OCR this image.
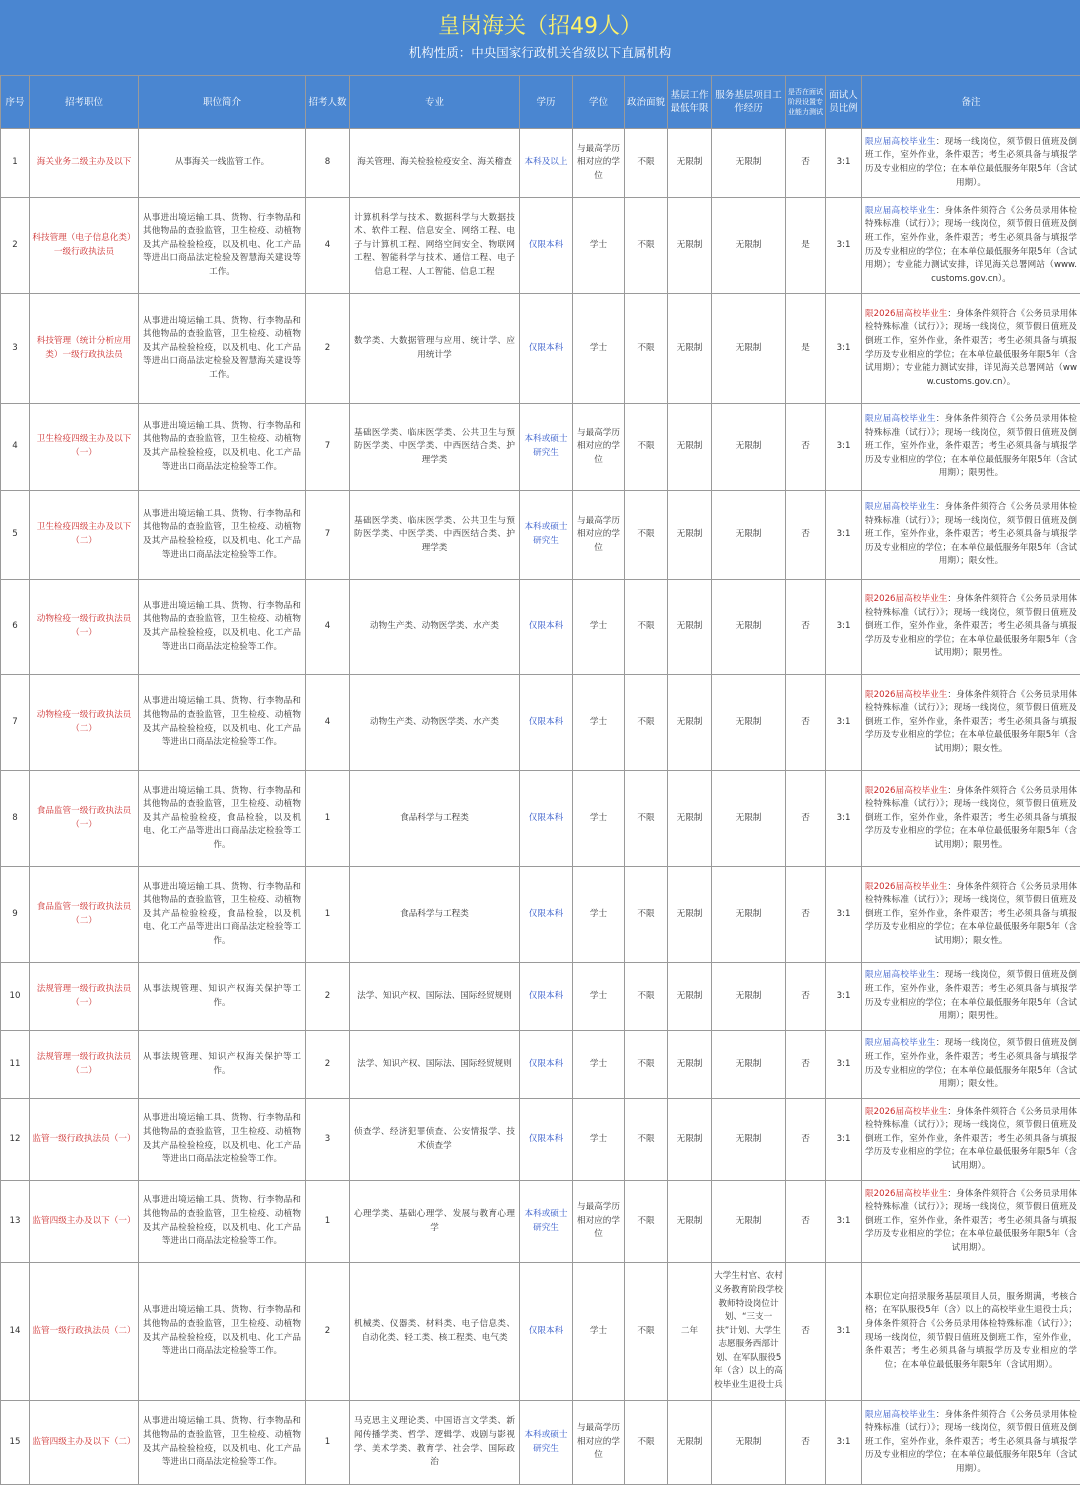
皇岗海关（招49人）
机构性质：中央国家行政机关省级以下直属机构
序号	招考职位	职位简介	招考人数	专业	学历	学位	政治面貌	基层工作最低年限	服务基层项目工作经历	是否在面试阶段设置专业能力测试	面试人员比例	备注
1	海关业务二级主办及以下	从事海关一线监管工作。	8	海关管理、海关检验检疫安全、海关稽查	本科及以上	与最高学历相对应的学位	不限	无限制	无限制	否	3:1	限应届高校毕业生：现场一线岗位，须节假日值班及倒班工作，室外作业，条件艰苦；考生必须具备与填报学历及专业相应的学位；在本单位最低服务年限5年（含试用期）。
2	科技管理（电子信息化类）一级行政执法员	从事进出境运输工具、货物、行李物品和其他物品的查验监管，卫生检疫、动植物及其产品检验检疫，以及机电、化工产品等进出口商品法定检验及智慧海关建设等工作。	4	计算机科学与技术、数据科学与大数据技术、软件工程、信息安全、网络工程、电子与计算机工程、网络空间安全、物联网工程、智能科学与技术、通信工程、电子信息工程、人工智能、信息工程	仅限本科	学士	不限	无限制	无限制	是	3:1	限应届高校毕业生：身体条件须符合《公务员录用体检特殊标准（试行）》；现场一线岗位，须节假日值班及倒班工作，室外作业，条件艰苦；考生必须具备与填报学历及专业相应的学位；在本单位最低服务年限5年（含试用期）；专业能力测试安排，详见海关总署网站（www.customs.gov.cn）。
3	科技管理（统计分析应用类）一级行政执法员	从事进出境运输工具、货物、行李物品和其他物品的查验监管，卫生检疫、动植物及其产品检验检疫，以及机电、化工产品等进出口商品法定检验及智慧海关建设等工作。	2	数学类、大数据管理与应用、统计学、应用统计学	仅限本科	学士	不限	无限制	无限制	是	3:1	限2026届高校毕业生：身体条件须符合《公务员录用体检特殊标准（试行）》；现场一线岗位，须节假日值班及倒班工作，室外作业，条件艰苦；考生必须具备与填报学历及专业相应的学位；在本单位最低服务年限5年（含试用期）；专业能力测试安排，详见海关总署网站（www.customs.gov.cn）。
4	卫生检疫四级主办及以下（一）	从事进出境运输工具、货物、行李物品和其他物品的查验监管，卫生检疫、动植物及其产品检验检疫，以及机电、化工产品等进出口商品法定检验等工作。	7	基础医学类、临床医学类、公共卫生与预防医学类、中医学类、中西医结合类、护理学类	本科或硕士研究生	与最高学历相对应的学位	不限	无限制	无限制	否	3:1	限应届高校毕业生：身体条件须符合《公务员录用体检特殊标准（试行）》；现场一线岗位，须节假日值班及倒班工作，室外作业，条件艰苦；考生必须具备与填报学历及专业相应的学位；在本单位最低服务年限5年（含试用期）；限男性。
5	卫生检疫四级主办及以下（二）	从事进出境运输工具、货物、行李物品和其他物品的查验监管，卫生检疫、动植物及其产品检验检疫，以及机电、化工产品等进出口商品法定检验等工作。	7	基础医学类、临床医学类、公共卫生与预防医学类、中医学类、中西医结合类、护理学类	本科或硕士研究生	与最高学历相对应的学位	不限	无限制	无限制	否	3:1	限应届高校毕业生：身体条件须符合《公务员录用体检特殊标准（试行）》；现场一线岗位，须节假日值班及倒班工作，室外作业，条件艰苦；考生必须具备与填报学历及专业相应的学位；在本单位最低服务年限5年（含试用期）；限女性。
6	动物检疫一级行政执法员（一）	从事进出境运输工具、货物、行李物品和其他物品的查验监管，卫生检疫、动植物及其产品检验检疫，以及机电、化工产品等进出口商品法定检验等工作。	4	动物生产类、动物医学类、水产类	仅限本科	学士	不限	无限制	无限制	否	3:1	限2026届高校毕业生：身体条件须符合《公务员录用体检特殊标准（试行）》；现场一线岗位，须节假日值班及倒班工作，室外作业，条件艰苦；考生必须具备与填报学历及专业相应的学位；在本单位最低服务年限5年（含试用期）；限男性。
7	动物检疫一级行政执法员（二）	从事进出境运输工具、货物、行李物品和其他物品的查验监管，卫生检疫、动植物及其产品检验检疫，以及机电、化工产品等进出口商品法定检验等工作。	4	动物生产类、动物医学类、水产类	仅限本科	学士	不限	无限制	无限制	否	3:1	限2026届高校毕业生：身体条件须符合《公务员录用体检特殊标准（试行）》；现场一线岗位，须节假日值班及倒班工作，室外作业，条件艰苦；考生必须具备与填报学历及专业相应的学位；在本单位最低服务年限5年（含试用期）；限女性。
8	食品监管一级行政执法员（一）	从事进出境运输工具、货物、行李物品和其他物品的查验监管，卫生检疫、动植物及其产品检验检疫，食品检验，以及机电、化工产品等进出口商品法定检验等工作。	1	食品科学与工程类	仅限本科	学士	不限	无限制	无限制	否	3:1	限2026届高校毕业生：身体条件须符合《公务员录用体检特殊标准（试行）》；现场一线岗位，须节假日值班及倒班工作，室外作业，条件艰苦；考生必须具备与填报学历及专业相应的学位；在本单位最低服务年限5年（含试用期）；限男性。
9	食品监管一级行政执法员（二）	从事进出境运输工具、货物、行李物品和其他物品的查验监管，卫生检疫、动植物及其产品检验检疫，食品检验，以及机电、化工产品等进出口商品法定检验等工作。	1	食品科学与工程类	仅限本科	学士	不限	无限制	无限制	否	3:1	限2026届高校毕业生：身体条件须符合《公务员录用体检特殊标准（试行）》；现场一线岗位，须节假日值班及倒班工作，室外作业，条件艰苦；考生必须具备与填报学历及专业相应的学位；在本单位最低服务年限5年（含试用期）；限女性。
10	法规管理一级行政执法员（一）	从事法规管理、知识产权海关保护等工作。	2	法学、知识产权、国际法、国际经贸规则	仅限本科	学士	不限	无限制	无限制	否	3:1	限应届高校毕业生：现场一线岗位，须节假日值班及倒班工作，室外作业，条件艰苦；考生必须具备与填报学历及专业相应的学位；在本单位最低服务年限5年（含试用期）；限男性。
11	法规管理一级行政执法员（二）	从事法规管理、知识产权海关保护等工作。	2	法学、知识产权、国际法、国际经贸规则	仅限本科	学士	不限	无限制	无限制	否	3:1	限应届高校毕业生：现场一线岗位，须节假日值班及倒班工作，室外作业，条件艰苦；考生必须具备与填报学历及专业相应的学位；在本单位最低服务年限5年（含试用期）；限女性。
12	监管一级行政执法员（一）	从事进出境运输工具、货物、行李物品和其他物品的查验监管，卫生检疫、动植物及其产品检验检疫，以及机电、化工产品等进出口商品法定检验等工作。	3	侦查学、经济犯罪侦查、公安情报学、技术侦查学	仅限本科	学士	不限	无限制	无限制	否	3:1	限2026届高校毕业生：身体条件须符合《公务员录用体检特殊标准（试行）》；现场一线岗位，须节假日值班及倒班工作，室外作业，条件艰苦；考生必须具备与填报学历及专业相应的学位；在本单位最低服务年限5年（含试用期）。
13	监管四级主办及以下（一）	从事进出境运输工具、货物、行李物品和其他物品的查验监管，卫生检疫、动植物及其产品检验检疫，以及机电、化工产品等进出口商品法定检验等工作。	1	心理学类、基础心理学、发展与教育心理学	本科或硕士研究生	与最高学历相对应的学位	不限	无限制	无限制	否	3:1	限2026届高校毕业生：身体条件须符合《公务员录用体检特殊标准（试行）》；现场一线岗位，须节假日值班及倒班工作，室外作业，条件艰苦；考生必须具备与填报学历及专业相应的学位；在本单位最低服务年限5年（含试用期）。
14	监管一级行政执法员（二）	从事进出境运输工具、货物、行李物品和其他物品的查验监管，卫生检疫、动植物及其产品检验检疫，以及机电、化工产品等进出口商品法定检验等工作。	2	机械类、仪器类、材料类、电子信息类、自动化类、轻工类、核工程类、电气类	仅限本科	学士	不限	二年	大学生村官、农村义务教育阶段学校教师特设岗位计划、“三支一扶”计划、大学生志愿服务西部计划、在军队服役5年（含）以上的高校毕业生退役士兵	否	3:1	本职位定向招录服务基层项目人员，服务期满，考核合格；在军队服役5年（含）以上的高校毕业生退役士兵；身体条件须符合《公务员录用体检特殊标准（试行）》；现场一线岗位，须节假日值班及倒班工作，室外作业，条件艰苦；考生必须具备与填报学历及专业相应的学位；在本单位最低服务年限5年（含试用期）。
15	监管四级主办及以下（二）	从事进出境运输工具、货物、行李物品和其他物品的查验监管，卫生检疫、动植物及其产品检验检疫，以及机电、化工产品等进出口商品法定检验等工作。	1	马克思主义理论类、中国语言文学类、新闻传播学类、哲学、逻辑学、戏剧与影视学、美术学类、教育学、社会学、国际政治	本科或硕士研究生	与最高学历相对应的学位	不限	无限制	无限制	否	3:1	限应届高校毕业生：身体条件须符合《公务员录用体检特殊标准（试行）》；现场一线岗位，须节假日值班及倒班工作，室外作业，条件艰苦；考生必须具备与填报学历及专业相应的学位；在本单位最低服务年限5年（含试用期）。
